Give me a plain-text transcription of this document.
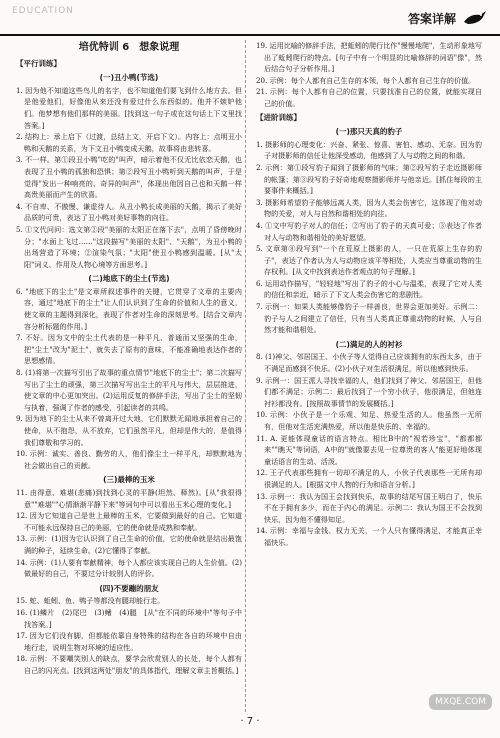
EDUCATION
答案详解
培优特训 6　想象说理
【平行训练】
(一)丑小鸭(节选)
1. 因为他不知道这些鸟儿的名字，也不知道他们要飞到什么地方去。但是他爱他们，好像他从来还没有爱过什么东西似的。他并不嫉妒他们。他梦想有他们那样的美丽。[找到这一句子或在这句话上下文里找答案。]
2. 结构上：承上启下（过渡，总结上文，开启下文）。内容上：点明丑小鸭和天鹅的关系，为下文丑小鸭变成天鹅，故事将由悲转喜。
3. 不一样。第①段丑小鸭"吃的"叫声，暗示着他不仅无比依恋天鹅，也表现了丑小鸭的孤独和恐惧；第②段写丑小鸭听到天鹅的叫声，于是觉得"发出一种响亮的、奇异的叫声"，体现出他因自己也和天鹅一样高贵美丽而产生的欣喜。
4. 不自卑、不傲慢、谦虚待人。从丑小鸭长成美丽的天鹅，揭示了美好品质的可贵，表达了丑小鸭对美好事物的向往。
5. ①文代问问：选文第②段"美丽的太阳正在落下去"，点明了昏傍晚时分；"水面上飞过……"这段描写"美丽的太阳"、"天鹅"，为丑小鸭的出场营造了环境；②渲染气氛；"太阳"使丑小鸭感到温暖。[从"太阳"词义、作用及人物心境等方面思考。]
(二)地底下的尘土(节选)
6. "地底下的尘土"是文章所叙述事件的关键，它贯穿了文章的主要内容，通过"地底下的尘土"让人们认识到了生命的价值和人生的意义，使文章的主题得到深化，表现了作者对生命的深刻思考。[结合文章内容分析标题的作用。]
7. 不好。因为文中的尘土代表的是一种平凡、普通而又坚强的生命，把"尘土"改为"泥土"，就失去了原有的意味，不能准确地表达作者的思想感情。
8. (1)将第一次描写引出了故事的重点情节"地底下的尘土"；第二次描写写出了尘土的顽强，第三次描写写出尘土的平凡与伟大，层层推进，使文章的中心更加突出。(2)运用反复的修辞手法，写出了尘土的坚韧与执着，强调了作者的感受，引起读者的共鸣。
9. 因为地下的尘土从来不曾离开过大地，它们默默无闻地承担着自己的使命，从不抱怨，从不放弃，它们虽然平凡，但却是伟大的，是值得我们尊敬和学习的。
10. 示例：诚实、善良、勤劳的人，他们像尘土一样平凡，却默默地为社会做出自己的贡献。
(三)最棒的玉米
11. 由得意、难堪(悲痛)到找到心灵的平静(坦然、释然)。[从"我很得意""难堪""心情渐渐平静下来"等词句中可以看出玉米心理的变化。]
12. 因为它知道自己是世上最棒的玉米，它要做到最好的自己。它知道不可能永远保持自己的美丽，它的使命就是成熟和奉献。
13. 示例：(1)因为它认识到了自己生命的价值，它的使命就是结出最饱满的种子，延续生命。(2)它懂得了奉献。
14. 示例：(1)人要有奉献精神，每个人都应该实现自己的人生价值。(2)做最好的自己，不要过分计较别人的评价。
(四)不要蹦的朋友
15. 蛇、蚯蚓、鱼、鸭子等都没有腿却能行走。
16. (1)鳞片　(2)尾巴　(3)鳍　(4)腿　[从"在不同的环境中"等句子中找答案。]
17. 因为它们没有脚，但都能依靠自身特殊的结构在各自的环境中自由地行走，说明生物对环境的适应性。
18. 示例：不要嘲笑别人的缺点，要学会欣赏别人的长处，每个人都有自己的闪光点。[找到这两处"朋友"的具体指代，理解文章主旨概括。]
19. 运用比喻的修辞手法，把蚯蚓的爬行比作"慢慢地爬"，生动形象地写出了蚯蚓爬行的特点。[句子中有一个明显的比喻修辞的词语"像"，然后结合句子分析作用。]
20. 示例：每个人都有自己生存的本领，每个人都有自己生存的价值。
21. 示例：每个人都有自己的位置，只要找准自己的位置，就能实现自己的价值。
【进阶训练】
(一)那只天真的豹子
1. 摄影师的心理变化：兴奋、紧张、惊喜、害怕、感动、无奈。因为豹子对摄影师的信任让他深受感动，他感到了人与动物之间的和谐。
2. 示例：第①段写豹子闻到了摄影师的气味；第②段写豹子走近摄影师的帐篷；第③段写豹子好奇地观察摄影师并与他亲近。[抓住每段的主要事件来概括。]
3. 摄影师希望豹子能够远离人类，因为人类会伤害它，这体现了他对动物的关爱，对人与自然和谐相处的向往。
4. ①文中写豹子对人的信任；②写出了豹子的天真可爱；③表达了作者对人与动物和谐相处的美好愿望。
5. 文章第⑧段写到"一个在荒原上摄影的人，一只在荒原上生存的豹子"，表达了作者认为人与动物应该平等相处，人类应当尊重动物的生存权利。[从文中找到表达作者观点的句子理解。]
6. 运用动作描写，"轻轻地"写出了豹子的小心与温柔，表现了它对人类的信任和亲近，暗示了下文人类会伤害它的悲剧性。
7. 示例一：如果人类能够像豹子一样善良，世界会更加美好。示例二：豹子与人之间建立了信任，只有当人类真正尊重动物的时候，人与自然才能和谐相处。
(二)满足的人的衬衫
8. (1)神父、邻居国王、小伙子等人觉得自己应该拥有的东西太多，由于不满足而感到不快乐。(2)小伙子对生活很满足，所以他感到快乐。
9. 示例一：国王派人寻找幸福的人，他们找到了神父、邻居国王，但他们都不满足；示例二：最后找到了一个穷小伙子，他很满足，但他连衬衫都没有。[按照故事情节的发展概括。]
10. 示例：小伙子是一个乐观、知足、热爱生活的人。他虽然一无所有，但他对生活充满热爱，所以他是快乐的、幸福的。
11. A. 更能体现童话的语言特点。相比B中的"视若珍宝"，"都都都来""瞧天"等词语，A中的"就像要去见一位尊贵的客人"能更好地体现童话语言的生动、活泼。
12. 王子代表那些拥有一切却不满足的人，小伙子代表那些一无所有却很满足的人。[根据文中人物的行为和语言分析。]
13. 示例一：我认为国王会找到快乐，故事的结尾写国王明白了，快乐不在于拥有多少，而在于内心的满足。示例二：我认为国王不会找到快乐，因为他不懂得知足。
14. 示例：幸福与金钱、权力无关，一个人只有懂得满足，才能真正幸福快乐。
· 7 ·
MXQE.COM
